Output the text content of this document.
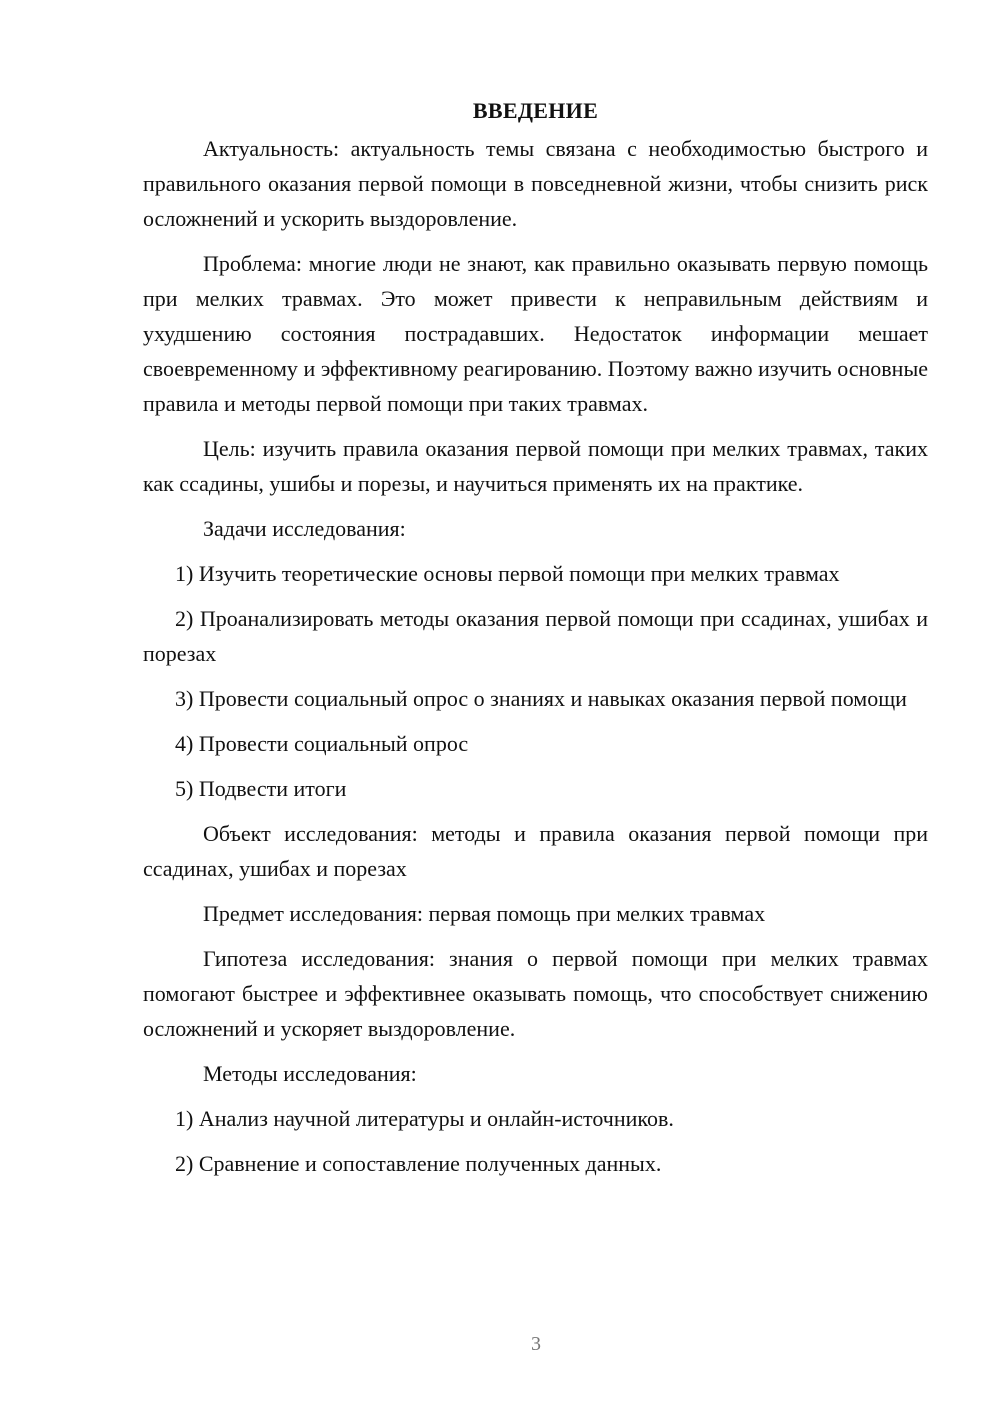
ВВЕДЕНИЕ

Актуальность: актуальность темы связана с необходимостью быстрого и правильного оказания первой помощи в повседневной жизни, чтобы снизить риск осложнений и ускорить выздоровление.

Проблема: многие люди не знают, как правильно оказывать первую помощь при мелких травмах. Это может привести к неправильным действиям и ухудшению состояния пострадавших. Недостаток информации мешает своевременному и эффективному реагированию. Поэтому важно изучить основные правила и методы первой помощи при таких травмах.

Цель: изучить правила оказания первой помощи при мелких травмах, таких как ссадины, ушибы и порезы, и научиться применять их на практике.

Задачи исследования:

1) Изучить теоретические основы первой помощи при мелких травмах

2) Проанализировать методы оказания первой помощи при ссадинах, ушибах и порезах

3) Провести социальный опрос о знаниях и навыках оказания первой помощи

4) Провести социальный опрос

5) Подвести итоги

Объект исследования: методы и правила оказания первой помощи при ссадинах, ушибах и порезах

Предмет исследования: первая помощь при мелких травмах

Гипотеза исследования: знания о первой помощи при мелких травмах помогают быстрее и эффективнее оказывать помощь, что способствует снижению осложнений и ускоряет выздоровление.

Методы исследования:

1) Анализ научной литературы и онлайн-источников.

2) Сравнение и сопоставление полученных данных.

3
